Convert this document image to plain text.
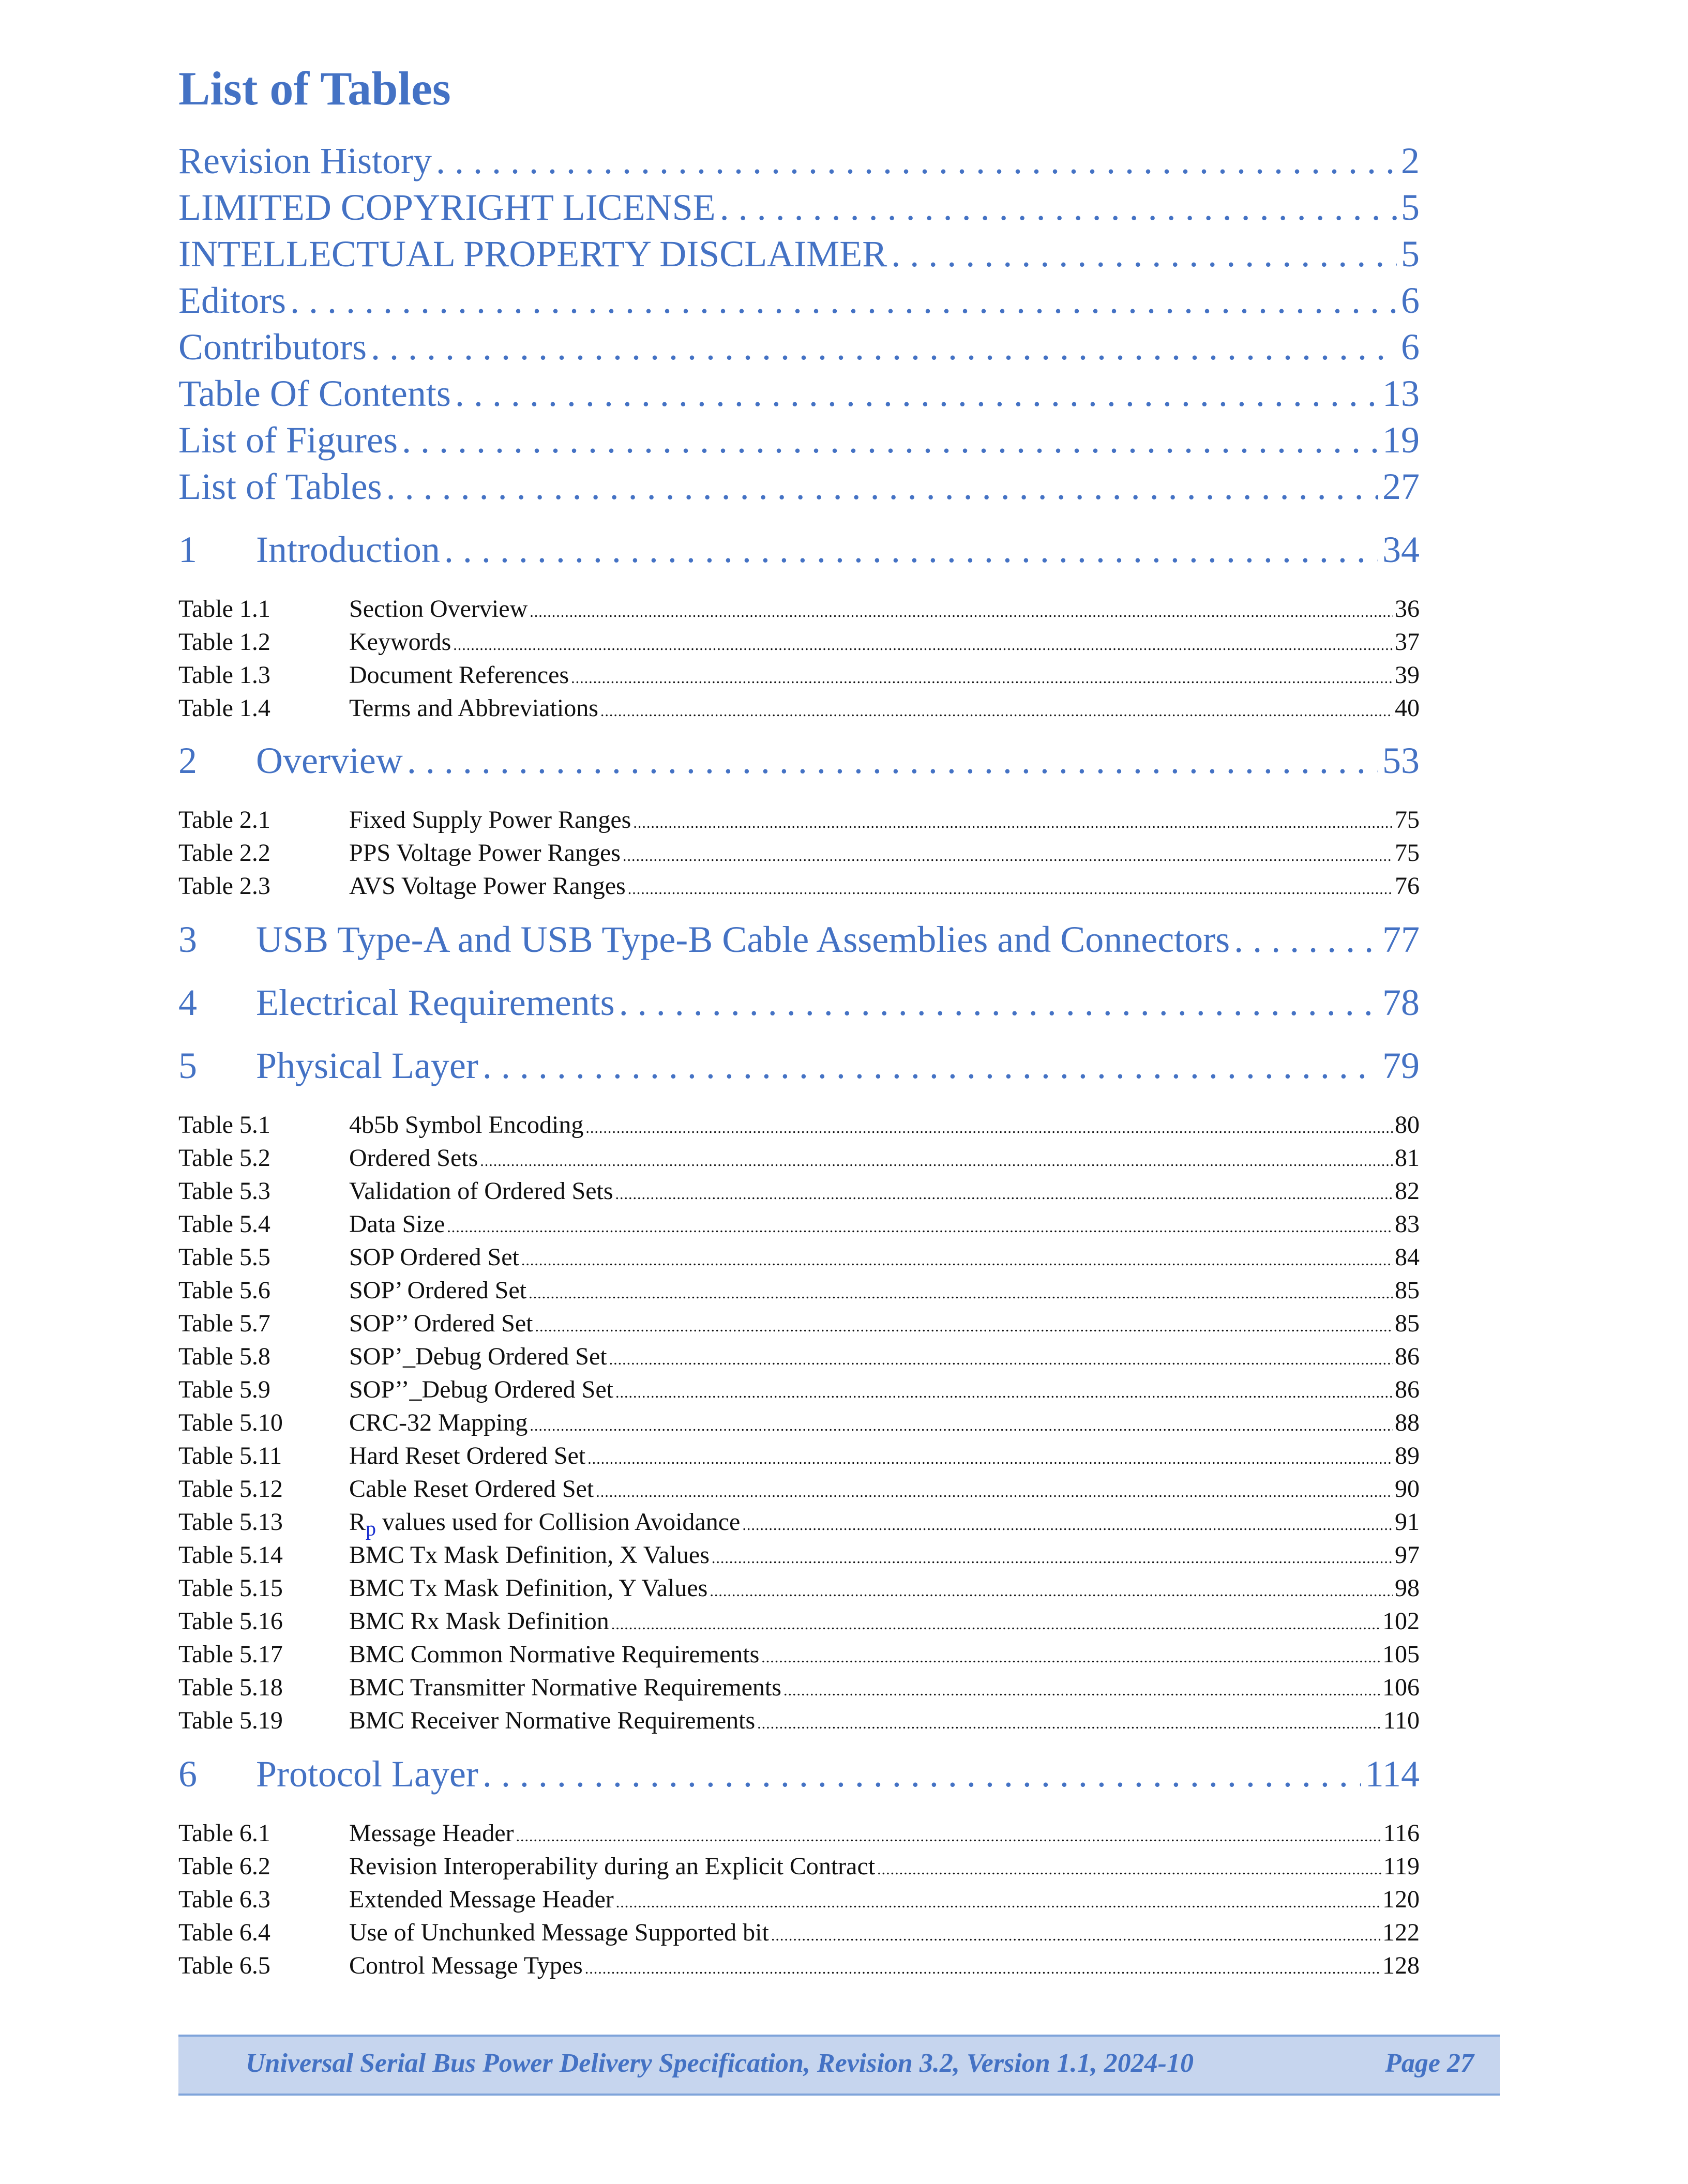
List of Tables
Revision History . . .	2
LIMITED COPYRIGHT LICENSE . . .	5
INTELLECTUAL PROPERTY DISCLAIMER . . .	5
Editors . . .	6
Contributors . . .	6
Table Of Contents . . .	13
List of Figures . . .	19
List of Tables . . .	27
1 Introduction . . .	34
Table 1.1	Section Overview .....	36
Table 1.2	Keywords .....	37
Table 1.3	Document References .....	39
Table 1.4	Terms and Abbreviations .....	40
2 Overview . . .	53
Table 2.1	Fixed Supply Power Ranges .....	75
Table 2.2	PPS Voltage Power Ranges .....	75
Table 2.3	AVS Voltage Power Ranges .....	76
3 USB Type-A and USB Type-B Cable Assemblies and Connectors . . .	77
4 Electrical Requirements . . .	78
5 Physical Layer . . .	79
Table 5.1	4b5b Symbol Encoding .....	80
Table 5.2	Ordered Sets .....	81
Table 5.3	Validation of Ordered Sets .....	82
Table 5.4	Data Size .....	83
Table 5.5	SOP Ordered Set .....	84
Table 5.6	SOP’ Ordered Set .....	85
Table 5.7	SOP’’ Ordered Set .....	85
Table 5.8	SOP’_Debug Ordered Set .....	86
Table 5.9	SOP’’_Debug Ordered Set .....	86
Table 5.10	CRC-32 Mapping .....	88
Table 5.11	Hard Reset Ordered Set .....	89
Table 5.12	Cable Reset Ordered Set .....	90
Table 5.13	$R_p$ values used for Collision Avoidance .....	91
Table 5.14	BMC Tx Mask Definition, X Values .....	97
Table 5.15	BMC Tx Mask Definition, Y Values .....	98
Table 5.16	BMC Rx Mask Definition .....	102
Table 5.17	BMC Common Normative Requirements .....	105
Table 5.18	BMC Transmitter Normative Requirements .....	106
Table 5.19	BMC Receiver Normative Requirements .....	110
6 Protocol Layer . . .	114
Table 6.1	Message Header .....	116
Table 6.2	Revision Interoperability during an Explicit Contract .....	119
Table 6.3	Extended Message Header .....	120
Table 6.4	Use of Unchunked Message Supported bit .....	122
Table 6.5	Control Message Types .....	128
Universal Serial Bus Power Delivery Specification, Revision 3.2, Version 1.1, 2024-10	Page 27
